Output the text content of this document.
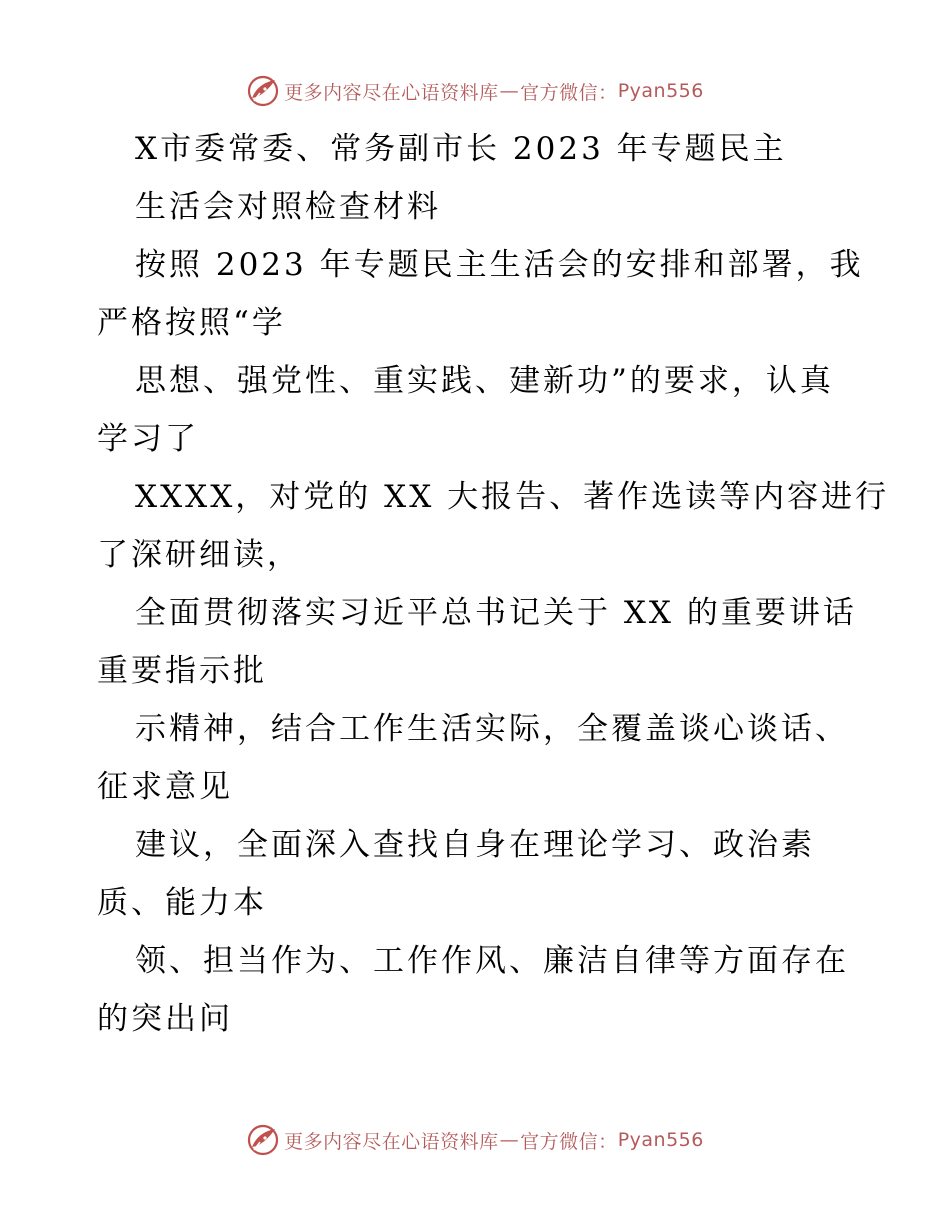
更多内容尽在心语资料库 — 官方微信： Pyan556
X市委常委、常务副市长 2023 年专题民主
生活会对照检查材料
按照 2023 年专题民主生活会的安排和部署，我
严格按照“学
思想、强党性、重实践、建新功”的要求，认真
学习了
XXXX，对党的 XX 大报告、著作选读等内容进行
了深研细读，
全面贯彻落实习近平总书记关于 XX 的重要讲话
重要指示批
示精神，结合工作生活实际，全覆盖谈心谈话、
征求意见
建议，全面深入查找自身在理论学习、政治素
质、能力本
领、担当作为、工作作风、廉洁自律等方面存在
的突出问
更多内容尽在心语资料库 — 官方微信： Pyan556
